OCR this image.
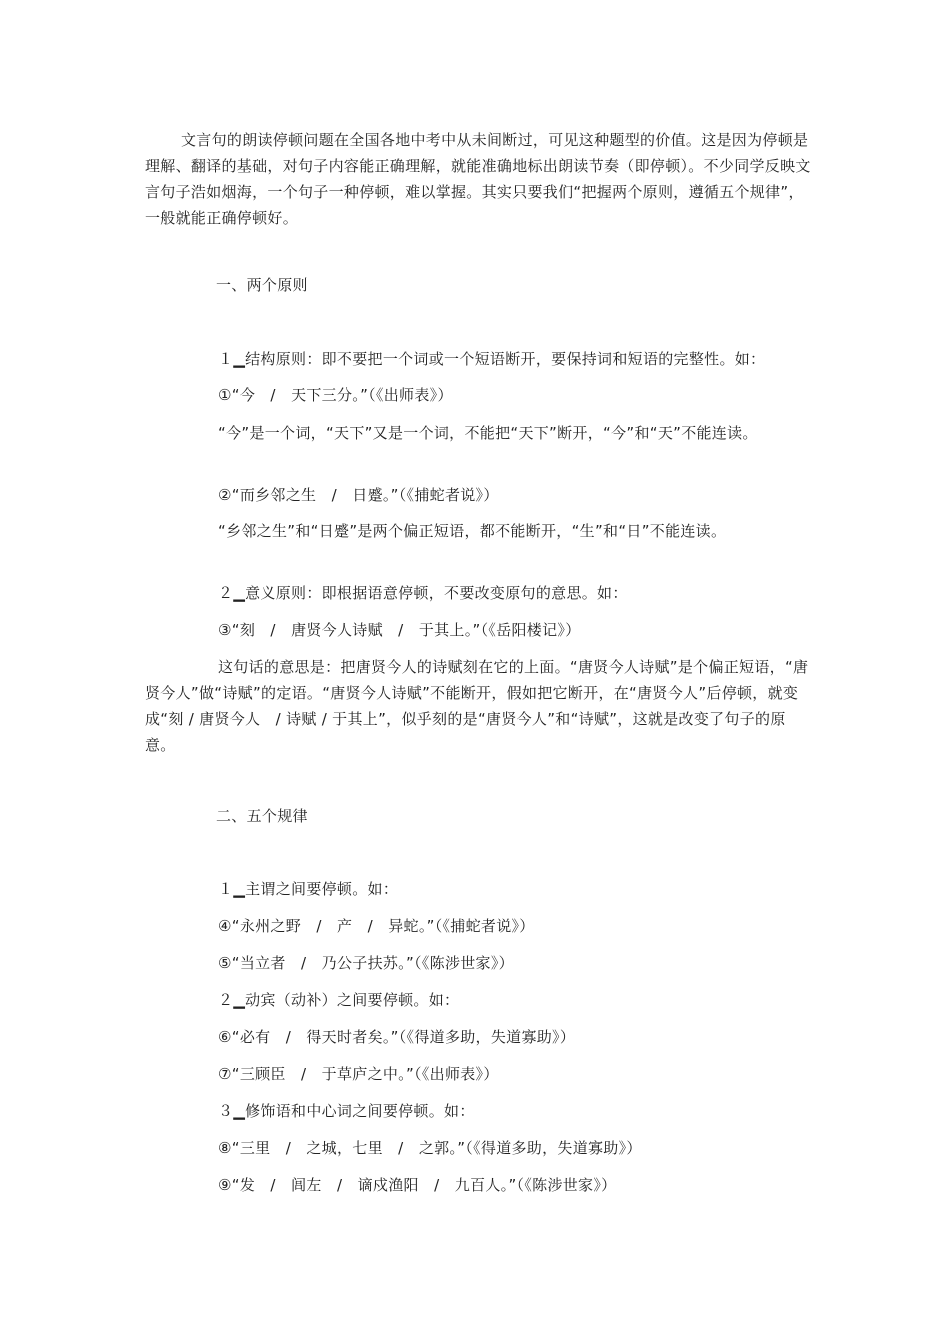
文言句的朗读停顿问题在全国各地中考中从未间断过，可见这种题型的价值。这是因为停顿是理解、翻译的基础，对句子内容能正确理解，就能准确地标出朗读节奏（即停顿）。不少同学反映文言句子浩如烟海，一个句子一种停顿，难以掌握。其实只要我们“把握两个原则，遵循五个规律”，一般就能正确停顿好。
一、两个原则
１▁结构原则：即不要把一个词或一个短语断开，要保持词和短语的完整性。如：
①“今　/　天下三分。”（《出师表》）
“今”是一个词，“天下”又是一个词，不能把“天下”断开，“今”和“天”不能连读。
②“而乡邻之生　/　日蹙。”（《捕蛇者说》）
“乡邻之生”和“日蹙”是两个偏正短语，都不能断开，“生”和“日”不能连读。
２▁意义原则：即根据语意停顿，不要改变原句的意思。如：
③“刻　/　唐贤今人诗赋　/　于其上。”（《岳阳楼记》）
这句话的意思是：把唐贤今人的诗赋刻在它的上面。“唐贤今人诗赋”是个偏正短语，“唐贤今人”做“诗赋”的定语。“唐贤今人诗赋”不能断开，假如把它断开，在“唐贤今人”后停顿，就变成“刻 / 唐贤今人　/ 诗赋 / 于其上”，似乎刻的是“唐贤今人”和“诗赋”，这就是改变了句子的原意。
二、五个规律
１▁主谓之间要停顿。如：
④“永州之野　/　产　/　异蛇。”（《捕蛇者说》）
⑤“当立者　/　乃公子扶苏。”（《陈涉世家》）
２▁动宾（动补）之间要停顿。如：
⑥“必有　/　得天时者矣。”（《得道多助，失道寡助》）
⑦“三顾臣　/　于草庐之中。”（《出师表》）
３▁修饰语和中心词之间要停顿。如：
⑧“三里　/　之城，七里　/　之郭。”（《得道多助，失道寡助》）
⑨“发　/　闾左　/　谪戍渔阳　/　九百人。”（《陈涉世家》）
